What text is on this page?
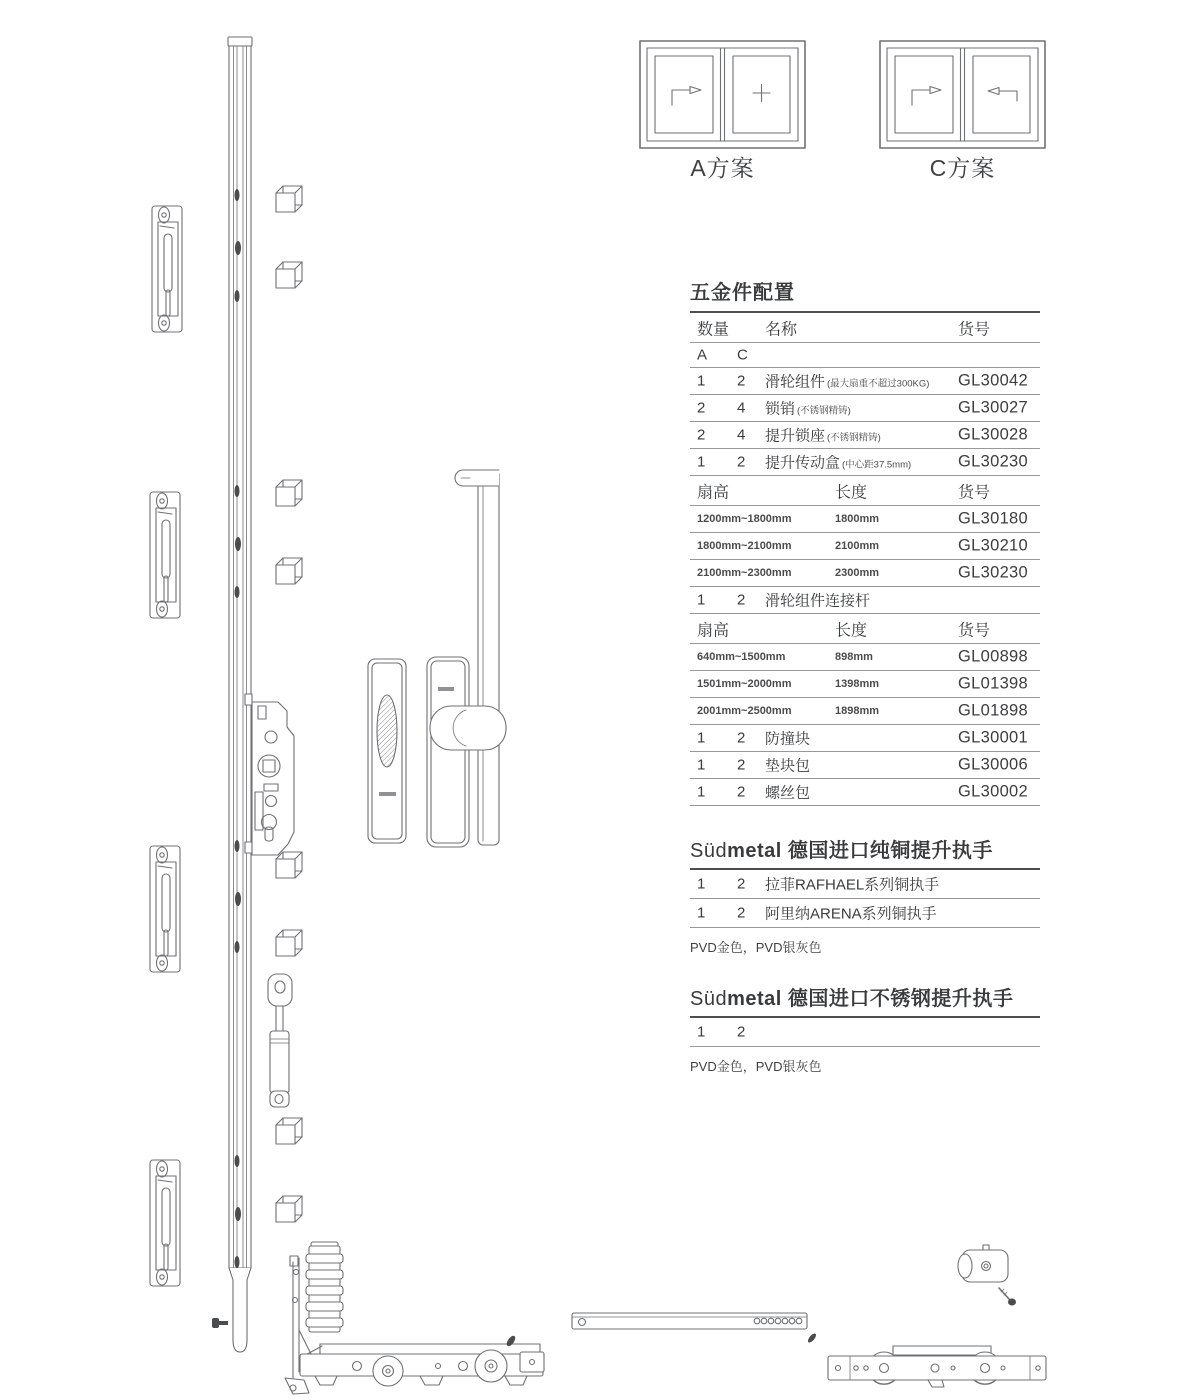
A方案	C方案
五金件配置
数量 名称	货号
A C
1 2 滑轮组件 (最大扇重不超过300KG) GL30042
2 4 锁销 (不锈钢精铸)	GL30027
2 4 提升锁座 (不锈钢精铸)	GL30028
1 2 提升传动盒 (中心距37.5mm)	GL30230
扇高	长度	货号
1200mm~1800mm	1800mm	GL30180
1800mm~2100mm	2100mm	GL30210
2100mm~2300mm	2300mm	GL30230
1 2 滑轮组件连接杆
扇高	长度	货号
640mm~1500mm	898mm	GL00898
1501mm~2000mm	1398mm	GL01398
2001mm~2500mm	1898mm	GL01898
1 2 防撞块	GL30001
1 2 垫块包	GL30006
1 2 螺丝包	GL30002
Südmetal 德国进口纯铜提升执手
1 2 拉菲RAFHAEL系列铜执手
1 2 阿里纳ARENA系列铜执手
PVD金色，PVD银灰色
Südmetal 德国进口不锈钢提升执手
1 2
PVD金色，PVD银灰色
